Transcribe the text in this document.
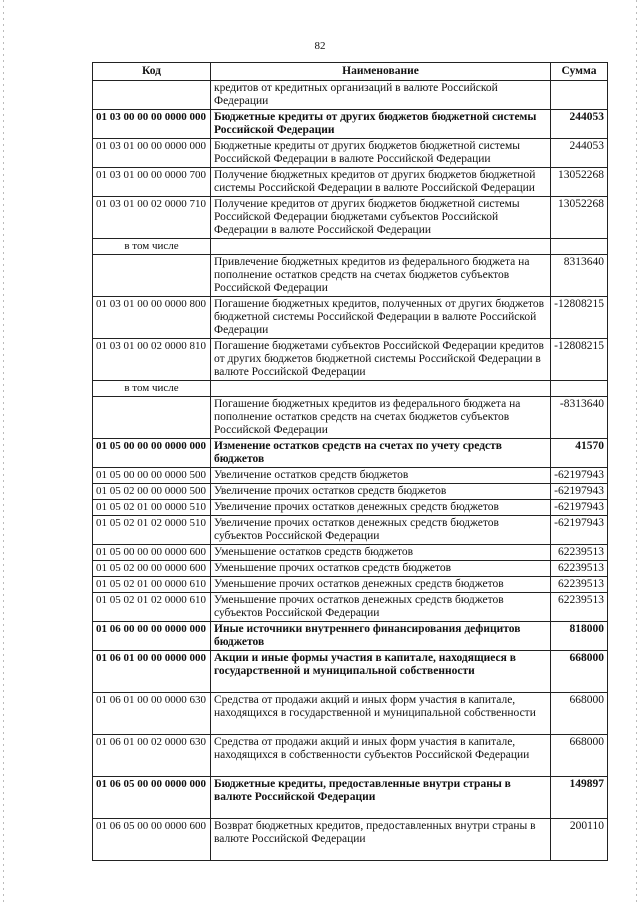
82
Код	Наименование	Сумма
	кредитов от кредитных организаций в валюте Российской Федерации	
01 03 00 00 00 0000 000	Бюджетные кредиты от других бюджетов бюджетной системы Российской Федерации	244053
01 03 01 00 00 0000 000	Бюджетные кредиты от других бюджетов бюджетной системы Российской Федерации в валюте Российской Федерации	244053
01 03 01 00 00 0000 700	Получение бюджетных кредитов от других бюджетов бюджетной системы Российской Федерации в валюте Российской Федерации	13052268
01 03 01 00 02 0000 710	Получение кредитов от других бюджетов бюджетной системы Российской Федерации бюджетами субъектов Российской Федерации в валюте Российской Федерации	13052268
в том числе		
	Привлечение бюджетных кредитов из федерального бюджета на пополнение остатков средств на счетах бюджетов субъектов Российской Федерации	8313640
01 03 01 00 00 0000 800	Погашение бюджетных кредитов, полученных от других бюджетов бюджетной системы Российской Федерации в валюте Российской Федерации	-12808215
01 03 01 00 02 0000 810	Погашение бюджетами субъектов Российской Федерации кредитов от других бюджетов бюджетной системы Российской Федерации в валюте Российской Федерации	-12808215
в том числе		
	Погашение бюджетных кредитов из федерального бюджета на пополнение остатков средств на счетах бюджетов субъектов Российской Федерации	-8313640
01 05 00 00 00 0000 000	Изменение остатков средств на счетах по учету средств бюджетов	41570
01 05 00 00 00 0000 500	Увеличение остатков средств бюджетов	-62197943
01 05 02 00 00 0000 500	Увеличение прочих остатков средств бюджетов	-62197943
01 05 02 01 00 0000 510	Увеличение прочих остатков денежных средств бюджетов	-62197943
01 05 02 01 02 0000 510	Увеличение прочих остатков денежных средств бюджетов субъектов Российской Федерации	-62197943
01 05 00 00 00 0000 600	Уменьшение остатков средств бюджетов	62239513
01 05 02 00 00 0000 600	Уменьшение прочих остатков средств бюджетов	62239513
01 05 02 01 00 0000 610	Уменьшение прочих остатков денежных средств бюджетов	62239513
01 05 02 01 02 0000 610	Уменьшение прочих остатков денежных средств бюджетов субъектов Российской Федерации	62239513
01 06 00 00 00 0000 000	Иные источники внутреннего финансирования дефицитов бюджетов	818000
01 06 01 00 00 0000 000	Акции и иные формы участия в капитале, находящиеся в государственной и муниципальной собственности	668000
01 06 01 00 00 0000 630	Средства от продажи акций и иных форм участия в капитале, находящихся в государственной и муниципальной собственности	668000
01 06 01 00 02 0000 630	Средства от продажи акций и иных форм участия в капитале, находящихся в собственности субъектов Российской Федерации	668000
01 06 05 00 00 0000 000	Бюджетные кредиты, предоставленные внутри страны в валюте Российской Федерации	149897
01 06 05 00 00 0000 600	Возврат бюджетных кредитов, предоставленных внутри страны в валюте Российской Федерации	200110
